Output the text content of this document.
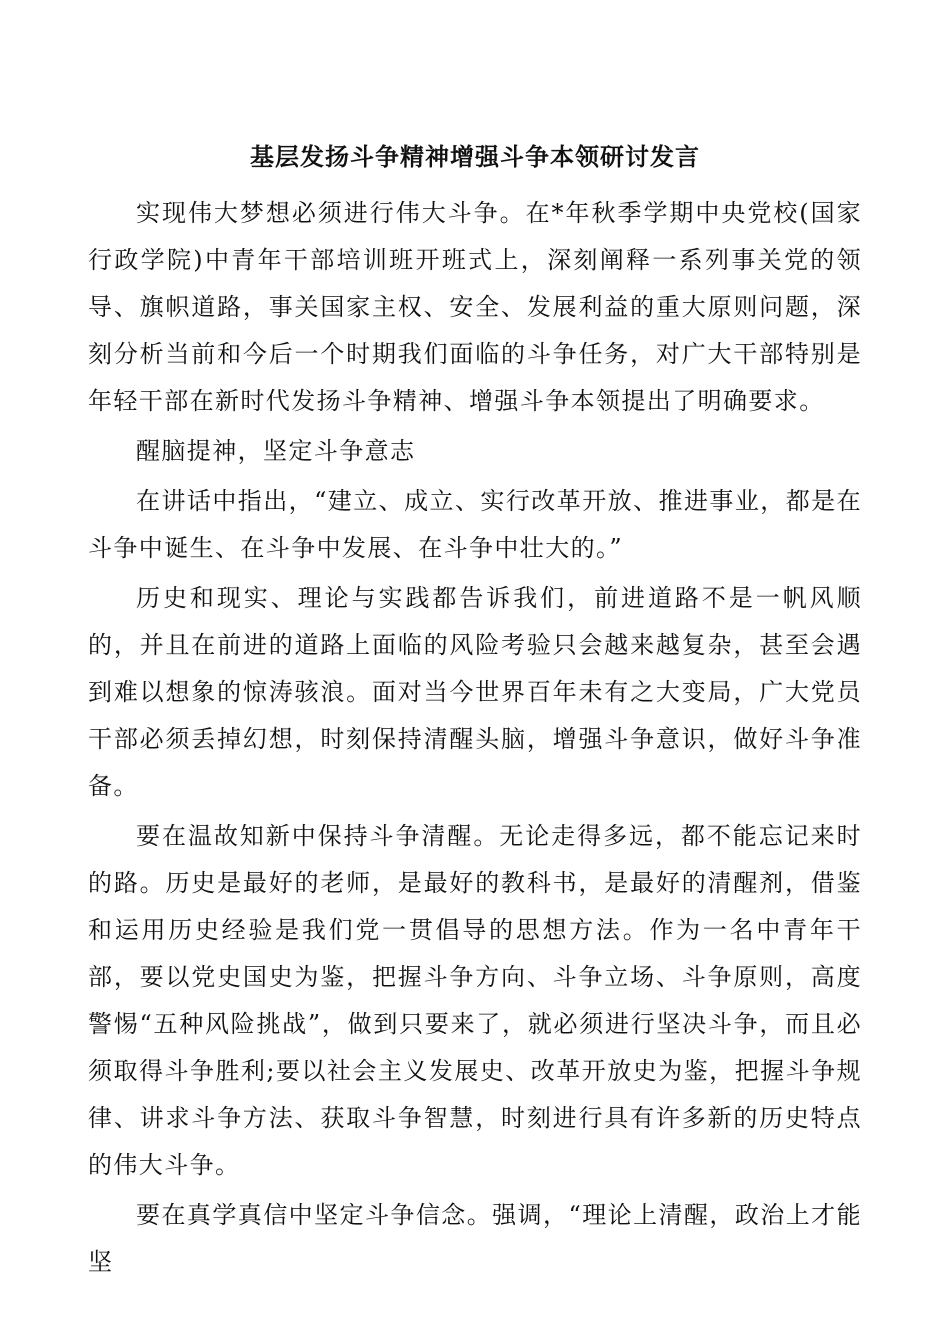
基层发扬斗争精神增强斗争本领研讨发言

实现伟大梦想必须进行伟大斗争。在*年秋季学期中央党校(国家行政学院)中青年干部培训班开班式上，深刻阐释一系列事关党的领导、旗帜道路，事关国家主权、安全、发展利益的重大原则问题，深刻分析当前和今后一个时期我们面临的斗争任务，对广大干部特别是年轻干部在新时代发扬斗争精神、增强斗争本领提出了明确要求。

醒脑提神，坚定斗争意志

在讲话中指出，“建立、成立、实行改革开放、推进事业，都是在斗争中诞生、在斗争中发展、在斗争中壮大的。”

历史和现实、理论与实践都告诉我们，前进道路不是一帆风顺的，并且在前进的道路上面临的风险考验只会越来越复杂，甚至会遇到难以想象的惊涛骇浪。面对当今世界百年未有之大变局，广大党员干部必须丢掉幻想，时刻保持清醒头脑，增强斗争意识，做好斗争准备。

要在温故知新中保持斗争清醒。无论走得多远，都不能忘记来时的路。历史是最好的老师，是最好的教科书，是最好的清醒剂，借鉴和运用历史经验是我们党一贯倡导的思想方法。作为一名中青年干部，要以党史国史为鉴，把握斗争方向、斗争立场、斗争原则，高度警惕“五种风险挑战”，做到只要来了，就必须进行坚决斗争，而且必须取得斗争胜利;要以社会主义发展史、改革开放史为鉴，把握斗争规律、讲求斗争方法、获取斗争智慧，时刻进行具有许多新的历史特点的伟大斗争。

要在真学真信中坚定斗争信念。强调，“理论上清醒，政治上才能坚
